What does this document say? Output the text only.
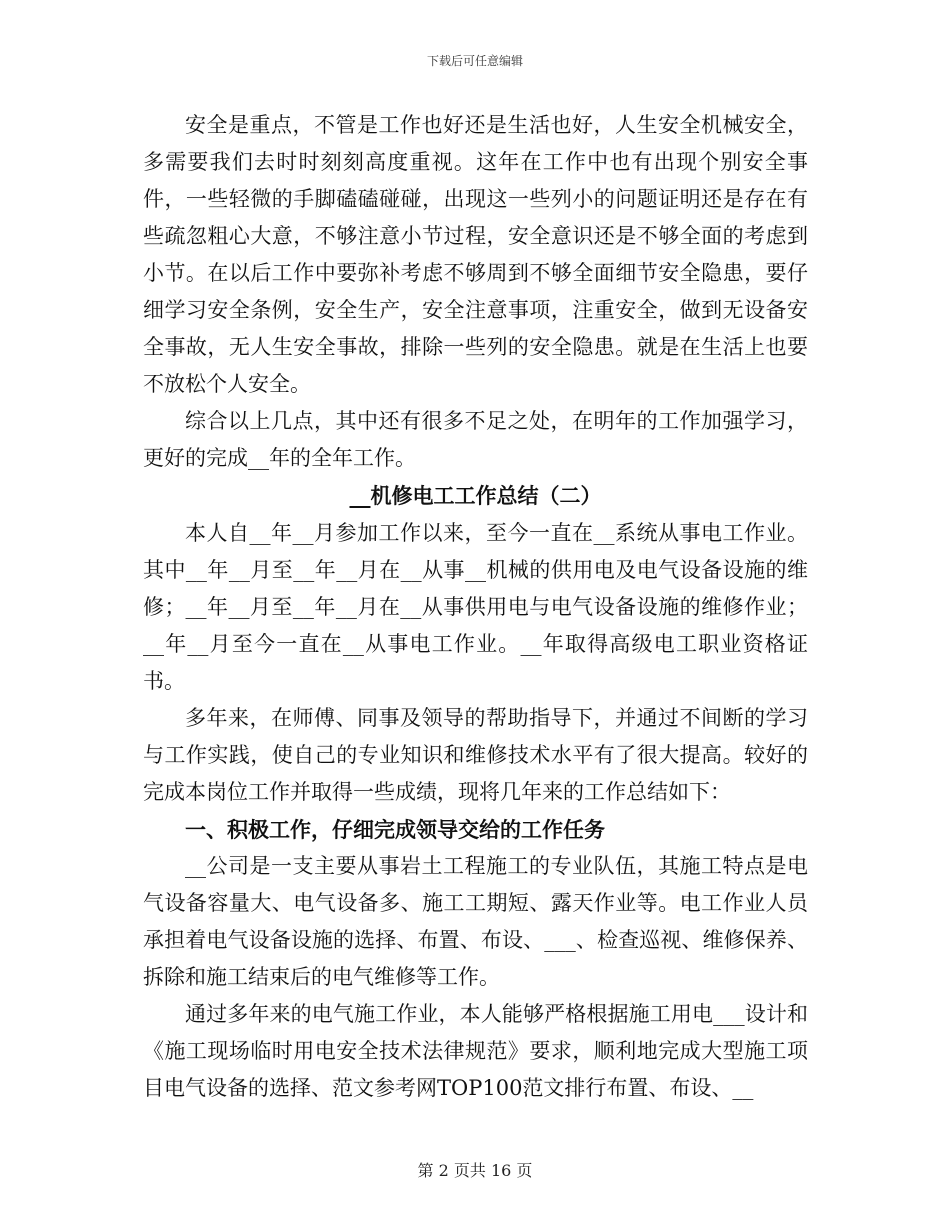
下载后可任意编辑

安全是重点，不管是工作也好还是生活也好，人生安全机械安全，多需要我们去时时刻刻高度重视。这年在工作中也有出现个别安全事件，一些轻微的手脚磕磕碰碰，出现这一些列小的问题证明还是存在有些疏忽粗心大意，不够注意小节过程，安全意识还是不够全面的考虑到小节。在以后工作中要弥补考虑不够周到不够全面细节安全隐患，要仔细学习安全条例，安全生产，安全注意事项，注重安全，做到无设备安全事故，无人生安全事故，排除一些列的安全隐患。就是在生活上也要不放松个人安全。

综合以上几点，其中还有很多不足之处，在明年的工作加强学习，更好的完成__年的全年工作。

__机修电工工作总结（二）

本人自__年__月参加工作以来，至今一直在__系统从事电工作业。其中__年__月至__年__月在__从事__机械的供用电及电气设备设施的维修；__年__月至__年__月在__从事供用电与电气设备设施的维修作业；__年__月至今一直在__从事电工作业。__年取得高级电工职业资格证书。

多年来，在师傅、同事及领导的帮助指导下，并通过不间断的学习与工作实践，使自己的专业知识和维修技术水平有了很大提高。较好的完成本岗位工作并取得一些成绩，现将几年来的工作总结如下：

一、积极工作，仔细完成领导交给的工作任务

__公司是一支主要从事岩土工程施工的专业队伍，其施工特点是电气设备容量大、电气设备多、施工工期短、露天作业等。电工作业人员承担着电气设备设施的选择、布置、布设、___、检查巡视、维修保养、拆除和施工结束后的电气维修等工作。

通过多年来的电气施工作业，本人能够严格根据施工用电___设计和《施工现场临时用电安全技术法律规范》要求，顺利地完成大型施工项目电气设备的选择、范文参考网TOP100范文排行布置、布设、__

第 2 页共 16 页
